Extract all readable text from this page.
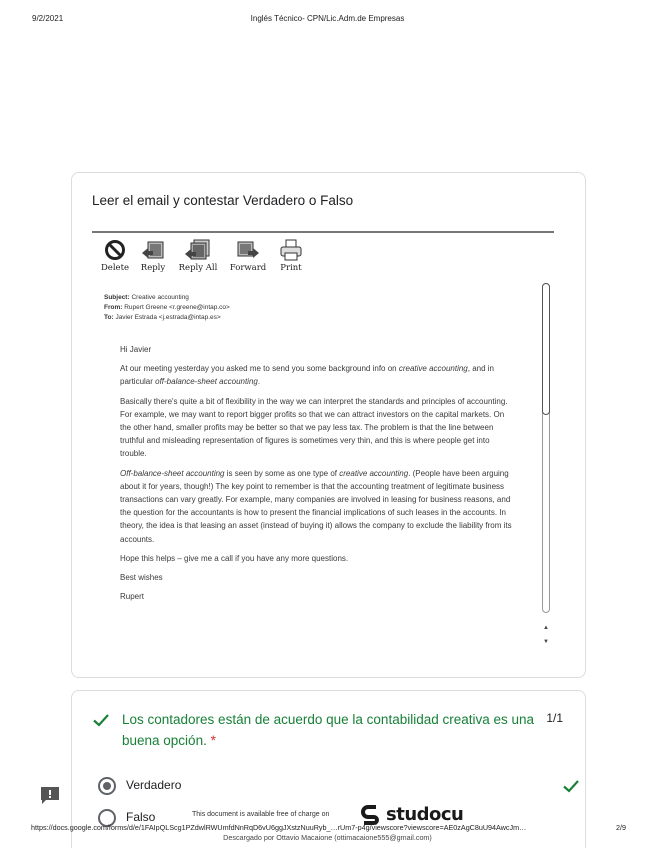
9/2/2021	Inglés Técnico- CPN/Lic.Adm.de Empresas
Leer el email y contestar Verdadero o Falso
Delete	Reply	Reply All	Forward	Print
Subject: Creative accounting
From: Rupert Greene <r.greene@intap.co>
To: Javier Estrada <j.estrada@intap.es>

Hi Javier

At our meeting yesterday you asked me to send you some background info on creative accounting, and in particular off-balance-sheet accounting.

Basically there's quite a bit of flexibility in the way we can interpret the standards and principles of accounting. For example, we may want to report bigger profits so that we can attract investors on the capital markets. On the other hand, smaller profits may be better so that we pay less tax. The problem is that the line between truthful and misleading representation of figures is sometimes very thin, and this is where people get into trouble.

Off-balance-sheet accounting is seen by some as one type of creative accounting. (People have been arguing about it for years, though!) The key point to remember is that the accounting treatment of legitimate business transactions can vary greatly. For example, many companies are involved in leasing for business reasons, and the question for the accountants is how to present the financial implications of such leases in the accounts. In theory, the idea is that leasing an asset (instead of buying it) allows the company to exclude the liability from its accounts.

Hope this helps – give me a call if you have any more questions.

Best wishes

Rupert

▲
▼
Los contadores están de acuerdo que la contabilidad creativa es una buena opción. *
1/1
Verdadero
Falso	This document is available free of charge on	studocu
https://docs.google.com/forms/d/e/1FAIpQLScg1PZdwlRWUmfdNnRqD6vU6ggJXstzNuuRyb_…rUm7-p4g/viewscore?viewscore=AE0zAgC8uU94AwcJm…	2/9
Descargado por Ottavio Macaione (ottimacaione555@gmail.com)
